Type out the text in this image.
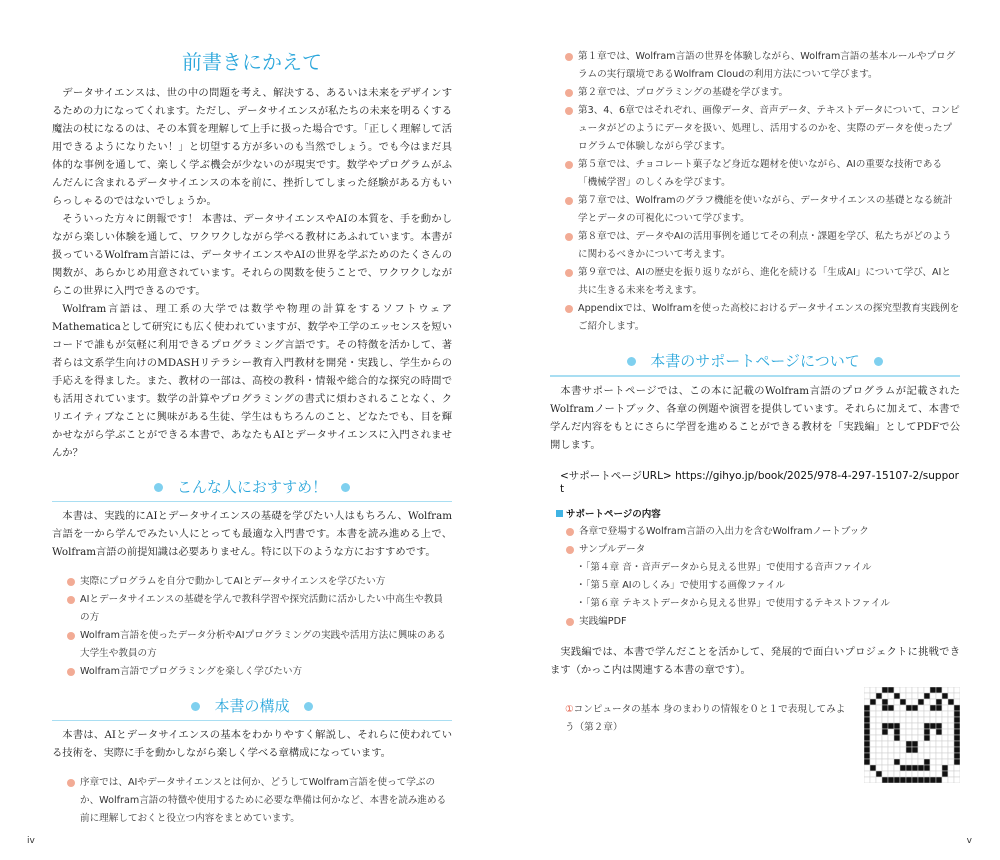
前書きにかえて

データサイエンスは、世の中の問題を考え、解決する、あるいは未来をデザインするための力になってくれます。ただし、データサイエンスが私たちの未来を明るくする魔法の杖になるのは、その本質を理解して上手に扱った場合です。「正しく理解して活用できるようになりたい！」と切望する方が多いのも当然でしょう。でも今はまだ具体的な事例を通して、楽しく学ぶ機会が少ないのが現実です。数学やプログラムがふんだんに含まれるデータサイエンスの本を前に、挫折してしまった経験がある方もいらっしゃるのではないでしょうか。

そういった方々に朗報です！ 本書は、データサイエンスやAIの本質を、手を動かしながら楽しい体験を通して、ワクワクしながら学べる教材にあふれています。本書が扱っているWolfram言語には、データサイエンスやAIの世界を学ぶためのたくさんの関数が、あらかじめ用意されています。それらの関数を使うことで、ワクワクしながらこの世界に入門できるのです。

Wolfram言語は、理工系の大学では数学や物理の計算をするソフトウェアMathematicaとして研究にも広く使われていますが、数学や工学のエッセンスを短いコードで誰もが気軽に利用できるプログラミング言語です。その特徴を活かして、著者らは文系学生向けのMDASHリテラシー教育入門教材を開発・実践し、学生からの手応えを得ました。また、教材の一部は、高校の教科・情報や総合的な探究の時間でも活用されています。数学の計算やプログラミングの書式に煩わされることなく、クリエイティブなことに興味がある生徒、学生はもちろんのこと、どなたでも、目を輝かせながら学ぶことができる本書で、あなたもAIとデータサイエンスに入門されませんか？

こんな人におすすめ！

本書は、実践的にAIとデータサイエンスの基礎を学びたい人はもちろん、Wolfram言語を一から学んでみたい人にとっても最適な入門書です。本書を読み進める上で、Wolfram言語の前提知識は必要ありません。特に以下のような方におすすめです。

実際にプログラムを自分で動かしてAIとデータサイエンスを学びたい方
AIとデータサイエンスの基礎を学んで教科学習や探究活動に活かしたい中高生や教員の方
Wolfram言語を使ったデータ分析やAIプログラミングの実践や活用方法に興味のある大学生や教員の方
Wolfram言語でプログラミングを楽しく学びたい方
本書の構成

本書は、AIとデータサイエンスの基本をわかりやすく解説し、それらに使われている技術を、実際に手を動かしながら楽しく学べる章構成になっています。

序章では、AIやデータサイエンスとは何か、どうしてWolfram言語を使って学ぶのか、Wolfram言語の特徴や使用するために必要な準備は何かなど、本書を読み進める前に理解しておくと役立つ内容をまとめています。
iv
第１章では、Wolfram言語の世界を体験しながら、Wolfram言語の基本ルールやプログラムの実行環境であるWolfram Cloudの利用方法について学びます。
第２章では、プログラミングの基礎を学びます。
第3、4、6章ではそれぞれ、画像データ、音声データ、テキストデータについて、コンピュータがどのようにデータを扱い、処理し、活用するのかを、実際のデータを使ったプログラムで体験しながら学びます。
第５章では、チョコレート菓子など身近な題材を使いながら、AIの重要な技術である「機械学習」のしくみを学びます。
第７章では、Wolframのグラフ機能を使いながら、データサイエンスの基礎となる統計学とデータの可視化について学びます。
第８章では、データやAIの活用事例を通じてその利点・課題を学び、私たちがどのように関わるべきかについて考えます。
第９章では、AIの歴史を振り返りながら、進化を続ける「生成AI」について学び、AIと共に生きる未来を考えます。
Appendixでは、Wolframを使った高校におけるデータサイエンスの探究型教育実践例をご紹介します。
本書のサポートページについて

本書サポートページでは、この本に記載のWolfram言語のプログラムが記載されたWolframノートブック、各章の例題や演習を提供しています。それらに加えて、本書で学んだ内容をもとにさらに学習を進めることができる教材を「実践編」としてPDFで公開します。

<サポートページURL> https://gihyo.jp/book/2025/978-4-297-15107-2/support
サポートページの内容
各章で登場するWolfram言語の入出力を含むWolframノートブック
サンプルデータ
・「第４章 音・音声データから見える世界」で使用する音声ファイル
・「第５章 AIのしくみ」で使用する画像ファイル
・「第６章 テキストデータから見える世界」で使用するテキストファイル
実践編PDF

実践編では、本書で学んだことを活かして、発展的で面白いプロジェクトに挑戦できます（かっこ内は関連する本書の章です）。

①コンピュータの基本 身のまわりの情報を０と１で表現してみよう（第２章）
v
